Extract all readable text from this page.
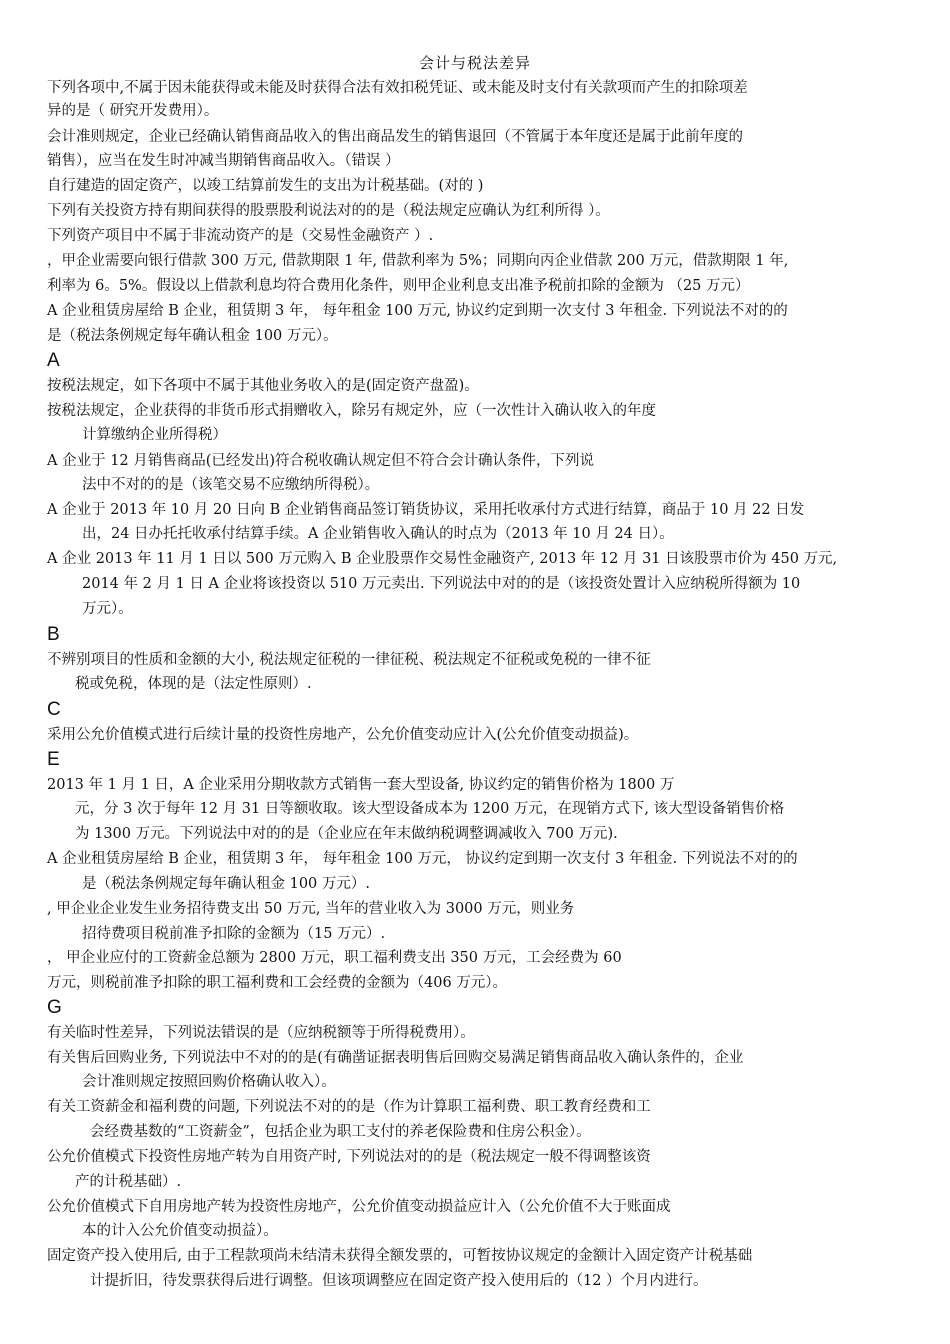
会计与税法差异
下列各项中,不属于因未能获得或未能及时获得合法有效扣税凭证、或未能及时支付有关款项而产生的扣除项差
异的是（ 研究开发费用）。
会计准则规定，企业已经确认销售商品收入的售出商品发生的销售退回（不管属于本年度还是属于此前年度的
销售），应当在发生时冲减当期销售商品收入。（错误 ）
自行建造的固定资产，以竣工结算前发生的支出为计税基础。(对的 )
下列有关投资方持有期间获得的股票股利说法对的的是（税法规定应确认为红利所得 ）。
下列资产项目中不属于非流动资产的是（交易性金融资产 ）.
，甲企业需要向银行借款 300 万元, 借款期限 1 年, 借款利率为 5%；同期向丙企业借款 200 万元，借款期限 1 年,
利率为 6。5%。假设以上借款利息均符合费用化条件，则甲企业利息支出准予税前扣除的金额为 （25 万元）
A 企业租赁房屋给 B 企业，租赁期 3 年， 每年租金 100 万元, 协议约定到期一次支付 3 年租金. 下列说法不对的的
是（税法条例规定每年确认租金 100 万元）。
A
按税法规定，如下各项中不属于其他业务收入的是(固定资产盘盈)。
按税法规定，企业获得的非货币形式捐赠收入，除另有规定外，应（一次性计入确认收入的年度
计算缴纳企业所得税）
A 企业于 12 月销售商品(已经发出)符合税收确认规定但不符合会计确认条件，下列说
法中不对的的是（该笔交易不应缴纳所得税）。
A 企业于 2013 年 10 月 20 日向 B 企业销售商品签订销货协议，采用托收承付方式进行结算，商品于 10 月 22 日发
出，24 日办托托收承付结算手续。A 企业销售收入确认的时点为（2013 年 10 月 24 日）。
A 企业 2013 年 11 月 1 日以 500 万元购入 B 企业股票作交易性金融资产, 2013 年 12 月 31 日该股票市价为 450 万元,
2014 年 2 月 1 日 A 企业将该投资以 510 万元卖出. 下列说法中对的的是（该投资处置计入应纳税所得额为 10
万元）。
B
不辨别项目的性质和金额的大小, 税法规定征税的一律征税、税法规定不征税或免税的一律不征
税或免税，体现的是（法定性原则）.
C
采用公允价值模式进行后续计量的投资性房地产，公允价值变动应计入(公允价值变动损益)。
E
2013 年 1 月 1 日，A 企业采用分期收款方式销售一套大型设备, 协议约定的销售价格为 1800 万
元，分 3 次于每年 12 月 31 日等额收取。该大型设备成本为 1200 万元，在现销方式下, 该大型设备销售价格
为 1300 万元。下列说法中对的的是（企业应在年末做纳税调整调减收入 700 万元).
A 企业租赁房屋给 B 企业，租赁期 3 年， 每年租金 100 万元， 协议约定到期一次支付 3 年租金. 下列说法不对的的
是（税法条例规定每年确认租金 100 万元）.
, 甲企业企业发生业务招待费支出 50 万元, 当年的营业收入为 3000 万元，则业务
招待费项目税前准予扣除的金额为（15 万元）.
， 甲企业应付的工资薪金总额为 2800 万元，职工福利费支出 350 万元，工会经费为 60
万元，则税前准予扣除的职工福利费和工会经费的金额为（406 万元）。
G
有关临时性差异，下列说法错误的是（应纳税额等于所得税费用）。
有关售后回购业务, 下列说法中不对的的是(有确凿证据表明售后回购交易满足销售商品收入确认条件的，企业
会计准则规定按照回购价格确认收入）。
有关工资薪金和福利费的问题, 下列说法不对的的是（作为计算职工福利费、职工教育经费和工
会经费基数的“工资薪金”，包括企业为职工支付的养老保险费和住房公积金）。
公允价值模式下投资性房地产转为自用资产时, 下列说法对的的是（税法规定一般不得调整该资
产的计税基础）.
公允价值模式下自用房地产转为投资性房地产，公允价值变动损益应计入（公允价值不大于账面成
本的计入公允价值变动损益）。
固定资产投入使用后, 由于工程款项尚未结清未获得全额发票的，可暂按协议规定的金额计入固定资产计税基础
计提折旧，待发票获得后进行调整。但该项调整应在固定资产投入使用后的（12 ）个月内进行。
